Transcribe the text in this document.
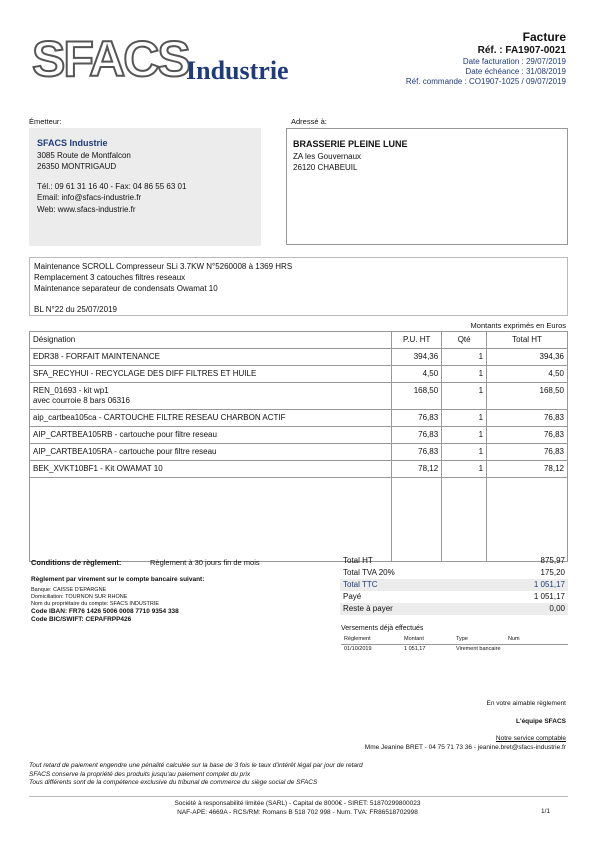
SFACS
Industrie
Facture
Réf. : FA1907-0021
Date facturation : 29/07/2019
Date échéance : 31/08/2019
Réf. commande : CO1907-1025 / 09/07/2019
Émetteur:	Adressé à:
SFACS Industrie
3085 Route de Montfalcon
26350 MONTRIGAUD
Tél.: 09 61 31 16 40 - Fax: 04 86 55 63 01
Email: info@sfacs-industrie.fr
Web: www.sfacs-industrie.fr
BRASSERIE PLEINE LUNE
ZA les Gouvernaux
26120 CHABEUIL
Maintenance SCROLL Compresseur SLi 3.7KW N°5260008 à 1369 HRS
Remplacement 3 catouches filtres reseaux
Maintenance separateur de condensats Owamat 10
BL N°22 du 25/07/2019
Montants exprimés en Euros
Désignation	P.U. HT	Qté	Total HT
EDR38 - FORFAIT MAINTENANCE	394,36	1	394,36
SFA_RECYHUI - RECYCLAGE DES DIFF FILTRES ET HUILE	4,50	1	4,50

REN_01693 - kit wp1
avec courroie 8 bars 06316	168,50	1	168,50
aip_cartbea105ca - CARTOUCHE FILTRE RESEAU CHARBON ACTIF	76,83	1	76,83
AIP_CARTBEA105RB - cartouche pour filtre reseau	76,83	1	76,83
AIP_CARTBEA105RA - cartouche pour filtre reseau	76,83	1	76,83
BEK_XVKT10BF1 - Kit OWAMAT 10	78,12	1	78,12

Conditions de règlement:	Règlement à 30 jours fin de mois
Règlement par virement sur le compte bancaire suivant:
Banque: CAISSE D'EPARGNE
Domiciliation: TOURNON SUR RHONE
Nom du propriétaire du compte: SFACS INDUSTRIE
Code IBAN: FR76 1426 5006 0008 7710 9354 338
Code BIC/SWIFT: CEPAFRPP426
Total HT	875,97
Total TVA 20%	175,20
Total TTC	1 051,17
Payé	1 051,17
Reste à payer	0,00
Versements déjà effectués
Règlement	Montant	Type	Num
01/10/2019	1 051,17	Virement bancaire	
En votre aimable règlement
L'équipe SFACS
Notre service comptable
Mme Jeanine BRET - 04 75 71 73 36 - jeanine.bret@sfacs-industrie.fr
Tout retard de paiement engendre une pénalité calculée sur la base de 3 fois le taux d'intérêt légal par jour de retard
SFACS conserve la propriété des produits jusqu'au paiement complet du prix
Tous différents sont de la compétence exclusive du tribunal de commerce du siège social de SFACS
Société à responsabilité limitée (SARL) - Capital de 8000€ - SIRET: 51870299800023
NAF-APE: 4669A - RCS/RM: Romans B 518 702 998 - Num. TVA: FR86518702998	1/1
